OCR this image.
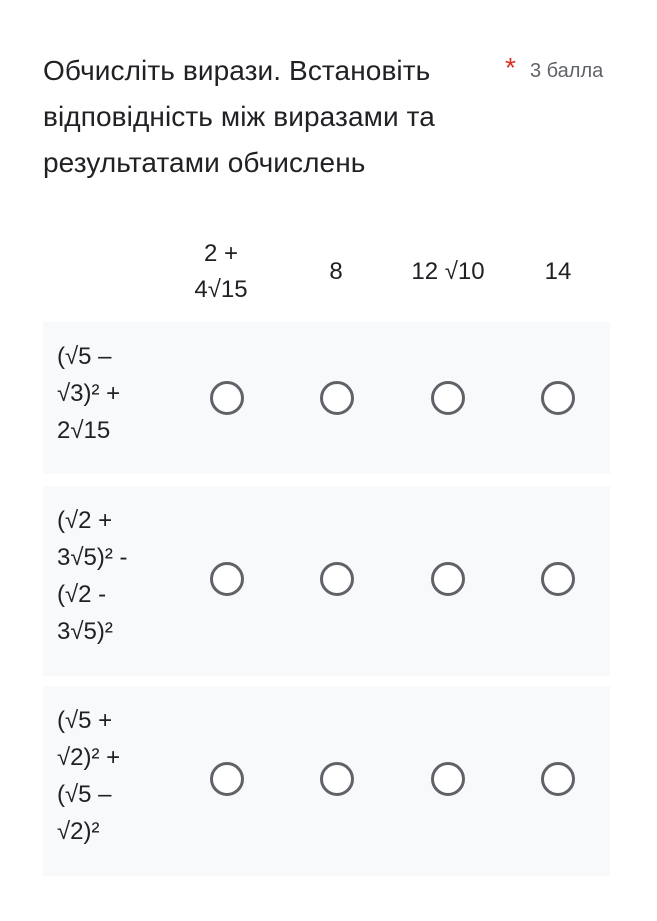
Обчисліть вирази. Встановіть відповідність між виразами та результатами обчислень
* 3 балла
2 + 4√15
8	12 √10	14
(√5 –
√3)² +
2√15
(√2 +
3√5)² -
(√2 -
3√5)²
(√5 +
√2)² +
(√5 –
√2)²
